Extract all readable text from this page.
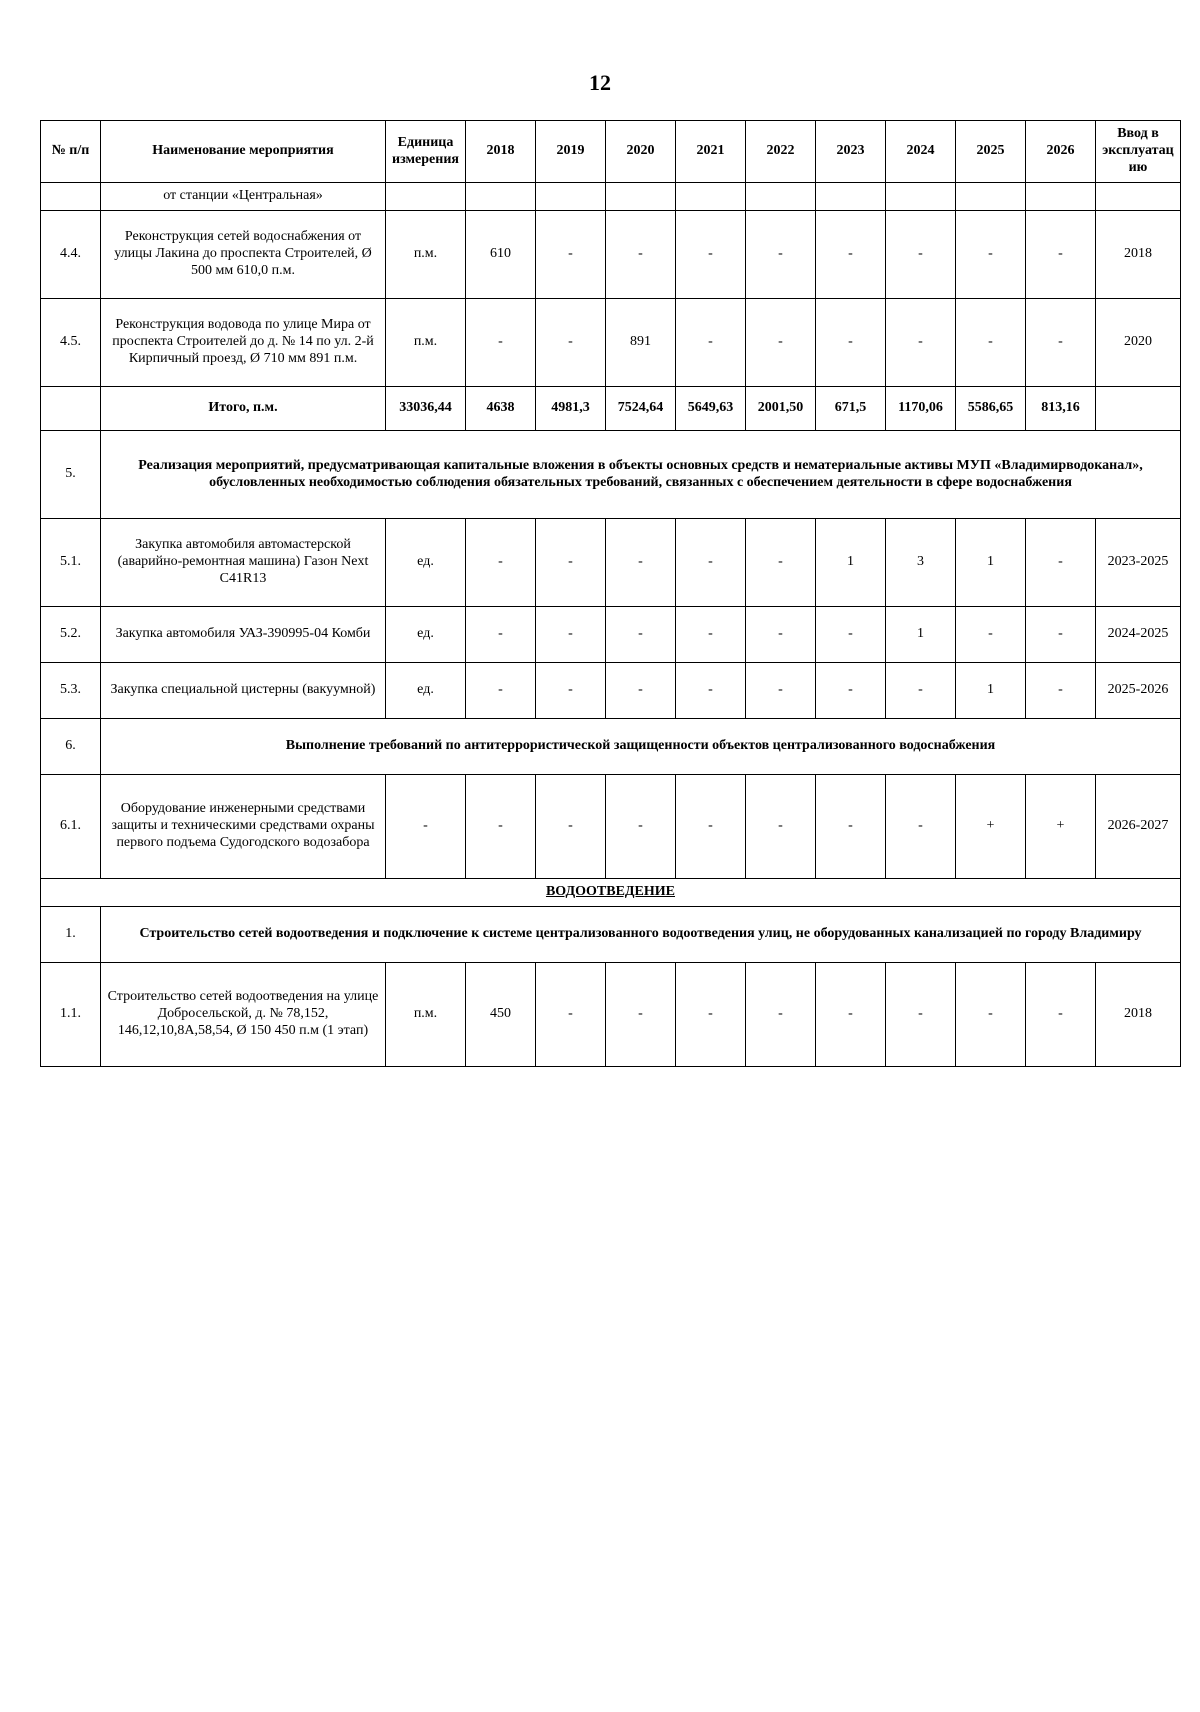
12
№ п/п	Наименование мероприятия	Единица измерения	2018	2019	2020	2021	2022	2023	2024	2025	2026	Ввод в эксплуатацию
	от станции «Центральная»											
4.4.	Реконструкция сетей водоснабжения от улицы Лакина до проспекта Строителей, Ø 500 мм 610,0 п.м.	п.м.	610	-	-	-	-	-	-	-	-	2018
4.5.	Реконструкция водовода по улице Мира от проспекта Строителей до д. № 14 по ул. 2-й Кирпичный проезд, Ø 710 мм 891 п.м.	п.м.	-	-	891	-	-	-	-	-	-	2020
	Итого, п.м.	33036,44	4638	4981,3	7524,64	5649,63	2001,50	671,5	1170,06	5586,65	813,16	
5.	Реализация мероприятий, предусматривающая капитальные вложения в объекты основных средств и нематериальные активы МУП «Владимирводоканал», обусловленных необходимостью соблюдения обязательных требований, связанных с обеспечением деятельности в сфере водоснабжения											
5.1.	Закупка автомобиля автомастерской (аварийно-ремонтная машина) Газон Next C41R13	ед.	-	-	-	-	-	1	3	1	-	2023-2025
5.2.	Закупка автомобиля УАЗ-390995-04 Комби	ед.	-	-	-	-	-	-	1	-	-	2024-2025
5.3.	Закупка специальной цистерны (вакуумной)	ед.	-	-	-	-	-	-	-	1	-	2025-2026
6.	Выполнение требований по антитеррористической защищенности объектов централизованного водоснабжения											
6.1.	Оборудование инженерными средствами защиты и техническими средствами охраны первого подъема Судогодского водозабора	-	-	-	-	-	-	-	-	+	+	2026-2027
ВОДООТВЕДЕНИЕ												
1.	Строительство сетей водоотведения и подключение к системе централизованного водоотведения улиц, не оборудованных канализацией по городу Владимиру											
1.1.	Строительство сетей водоотведения на улице Добросельской, д. № 78,152, 146,12,10,8А,58,54, Ø 150 450 п.м (1 этап)	п.м.	450	-	-	-	-	-	-	-	-	2018
